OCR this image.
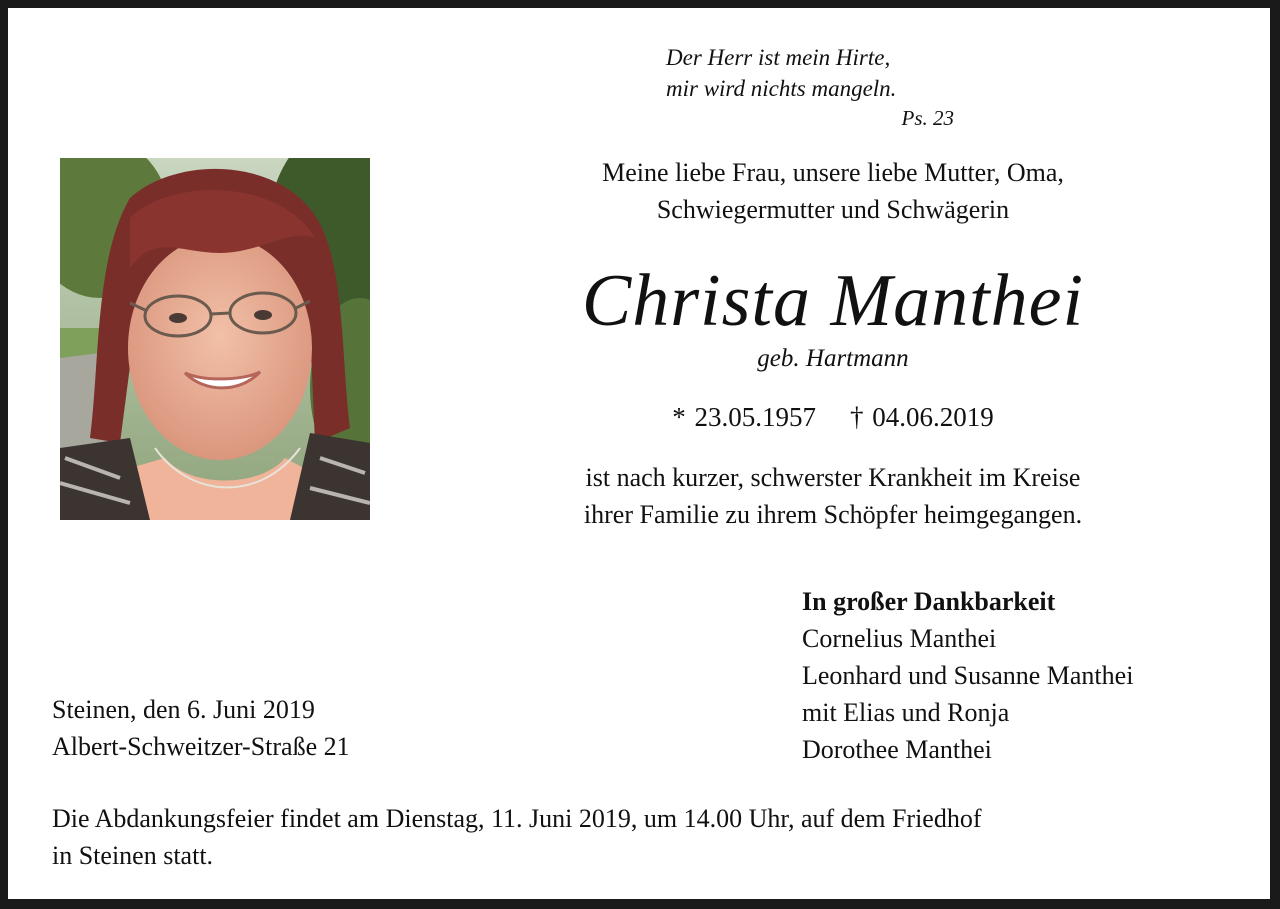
Der Herr ist mein Hirte,
mir wird nichts mangeln.
Ps. 23
Meine liebe Frau, unsere liebe Mutter, Oma,
Schwiegermutter und Schwägerin
Christa Manthei
geb. Hartmann
* 23.05.1957 † 04.06.2019
ist nach kurzer, schwerster Krankheit im Kreise
ihrer Familie zu ihrem Schöpfer heimgegangen.
In großer Dankbarkeit
Cornelius Manthei
Leonhard und Susanne Manthei
mit Elias und Ronja
Dorothee Manthei
Steinen, den 6. Juni 2019
Albert-Schweitzer-Straße 21
Die Abdankungsfeier findet am Dienstag, 11. Juni 2019, um 14.00 Uhr, auf dem Friedhof
in Steinen statt.
